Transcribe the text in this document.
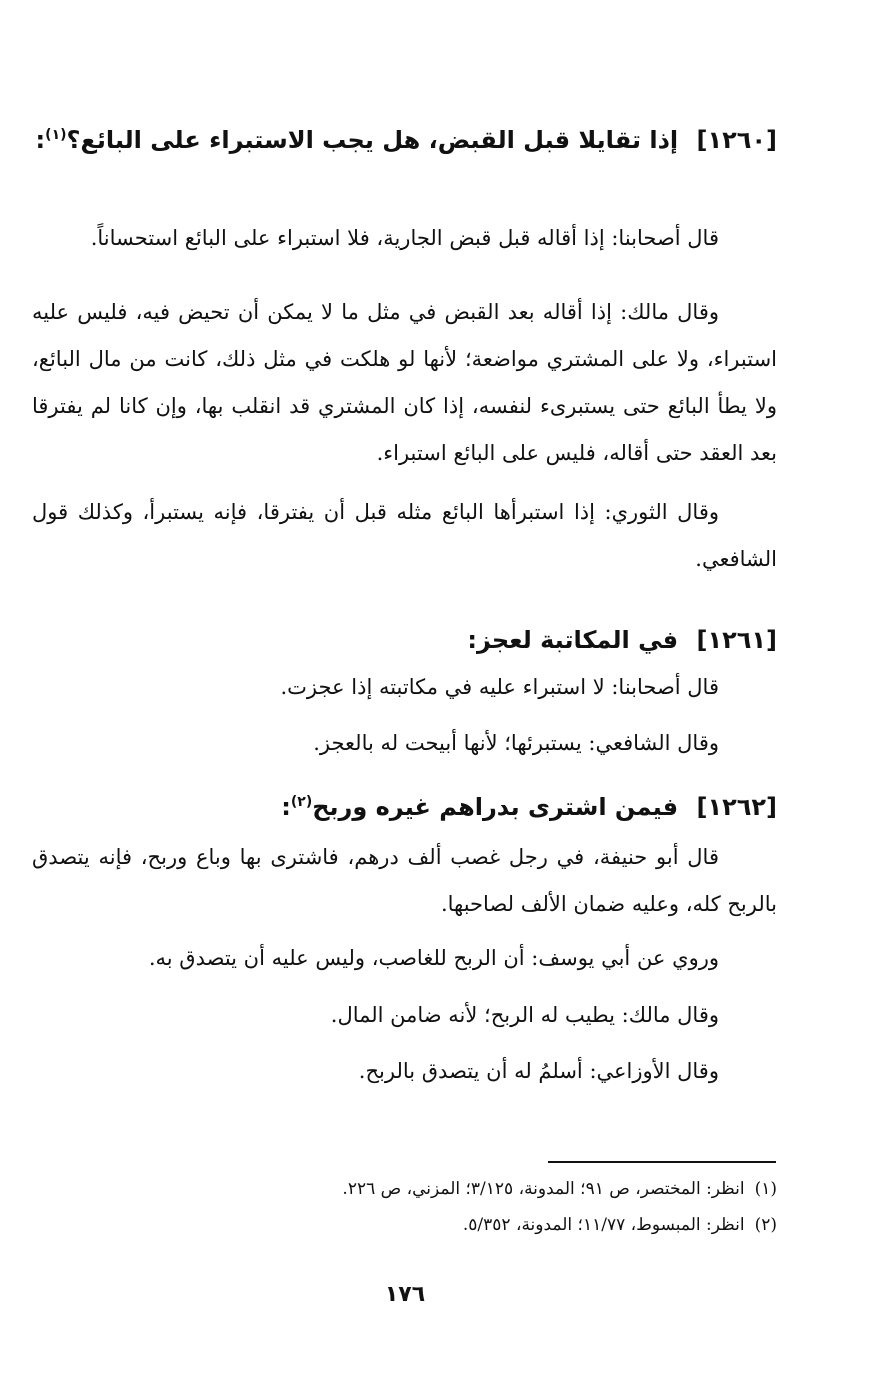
[١٢٦٠] إذا تقايلا قبل القبض، هل يجب الاستبراء على البائع؟$^{(١)}$:
قال أصحابنا: إذا أقاله قبل قبض الجارية، فلا استبراء على البائع استحساناً.
وقال مالك: إذا أقاله بعد القبض في مثل ما لا يمكن أن تحيض فيه، فليس عليه استبراء، ولا على المشتري مواضعة؛ لأنها لو هلكت في مثل ذلك، كانت من مال البائع، ولا يطأ البائع حتى يستبرىء لنفسه، إذا كان المشتري قد انقلب بها، وإن كانا لم يفترقا بعد العقد حتى أقاله، فليس على البائع استبراء.
وقال الثوري: إذا استبرأها البائع مثله قبل أن يفترقا، فإنه يستبرأ، وكذلك قول الشافعي.
[١٢٦١] في المكاتبة لعجز:
قال أصحابنا: لا استبراء عليه في مكاتبته إذا عجزت.
وقال الشافعي: يستبرئها؛ لأنها أبيحت له بالعجز.
[١٢٦٢] فيمن اشترى بدراهم غيره وربح$^{(٢)}$:
قال أبو حنيفة، في رجل غصب ألف درهم، فاشترى بها وباع وربح، فإنه يتصدق بالربح كله، وعليه ضمان الألف لصاحبها.
وروي عن أبي يوسف: أن الربح للغاصب، وليس عليه أن يتصدق به.
وقال مالك: يطيب له الربح؛ لأنه ضامن المال.
وقال الأوزاعي: أسلمُ له أن يتصدق بالربح.
(١)انظر: المختصر، ص ٩١؛ المدونة، ٣/١٢٥؛ المزني، ص ٢٢٦.
(٢)انظر: المبسوط، ١١/٧٧؛ المدونة، ٥/٣٥٢.
١٧٦
